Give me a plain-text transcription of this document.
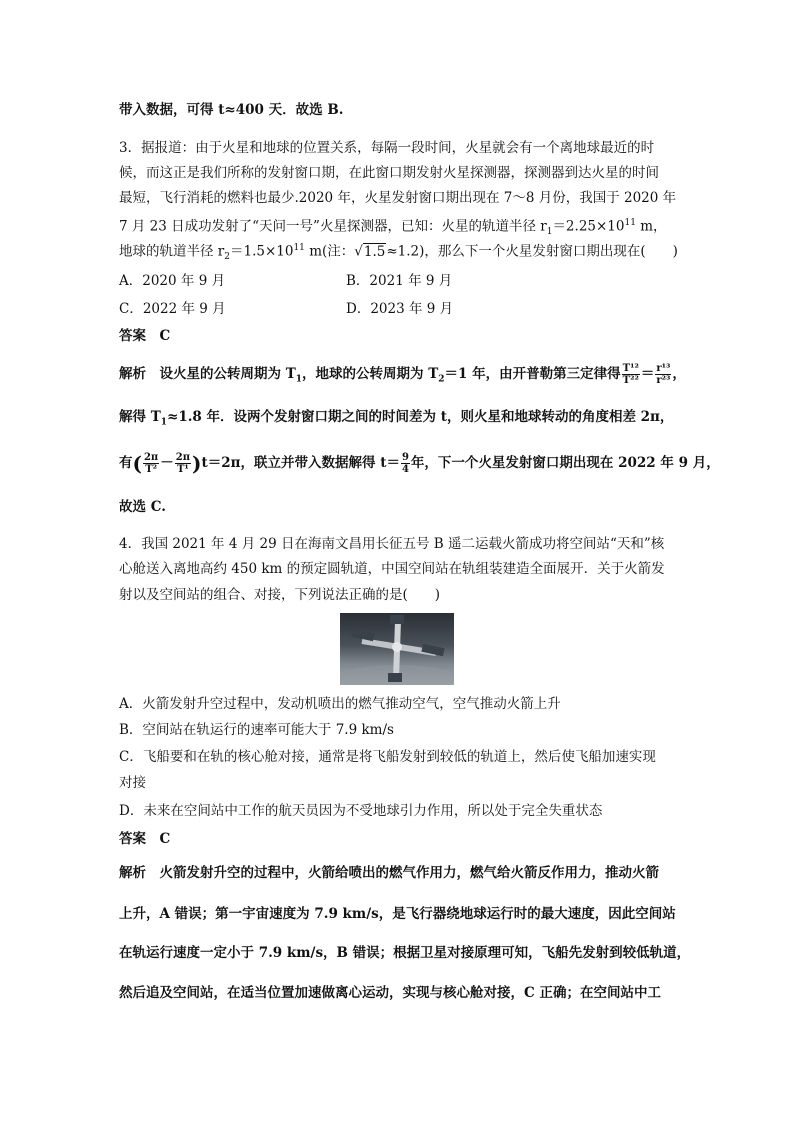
带入数据，可得 t≈400 天．故选 B.
3．据报道：由于火星和地球的位置关系，每隔一段时间，火星就会有一个离地球最近的时
候，而这正是我们所称的发射窗口期，在此窗口期发射火星探测器，探测器到达火星的时间
最短，飞行消耗的燃料也最少.2020 年，火星发射窗口期出现在 7～8 月份，我国于 2020 年
7 月 23 日成功发射了“天问一号”火星探测器，已知：火星的轨道半径 $r_1=2.25\times 10^{11}$ m，
地球的轨道半径 $r_2=1.5\times 10^{11}$ m(注：√1.5≈1.2)，那么下一个火星发射窗口期出现在(　　)
A．2020 年 9 月	B．2021 年 9 月
C．2022 年 9 月	D．2023 年 9 月
答案　C
解析　设火星的公转周期为 $T_1$，地球的公转周期为 $T_2=1$ 年，由开普勒第三定律得 $\frac{\text{T¹²}}{\text{T²²}} = \frac{\text{r¹³}}{\text{r²³}}$ ，
解得 $T_1\approx 1.8$ 年．设两个发射窗口期之间的时间差为 t，则火星和地球转动的角度相差 2π，
有( $\frac{2\pi}{\text{T²}} - \frac{2\pi}{\text{T¹}} )t=2\pi$，联立并带入数据解得 $t= \frac{9}{4}$ 年，下一个火星发射窗口期出现在 2022 年 9 月，
故选 C.
4．我国 2021 年 4 月 29 日在海南文昌用长征五号 B 遥二运载火箭成功将空间站“天和”核
心舱送入离地高约 450 km 的预定圆轨道，中国空间站在轨组装建造全面展开．关于火箭发
射以及空间站的组合、对接，下列说法正确的是(　　)
A．火箭发射升空过程中，发动机喷出的燃气推动空气，空气推动火箭上升
B．空间站在轨运行的速率可能大于 7.9 km/s
C．飞船要和在轨的核心舱对接，通常是将飞船发射到较低的轨道上，然后使飞船加速实现
对接
D．未来在空间站中工作的航天员因为不受地球引力作用，所以处于完全失重状态
答案　C
解析　火箭发射升空的过程中，火箭给喷出的燃气作用力，燃气给火箭反作用力，推动火箭
上升，A 错误；第一宇宙速度为 7.9 km/s，是飞行器绕地球运行时的最大速度，因此空间站
在轨运行速度一定小于 7.9 km/s，B 错误；根据卫星对接原理可知，飞船先发射到较低轨道，
然后追及空间站，在适当位置加速做离心运动，实现与核心舱对接，C 正确；在空间站中工
